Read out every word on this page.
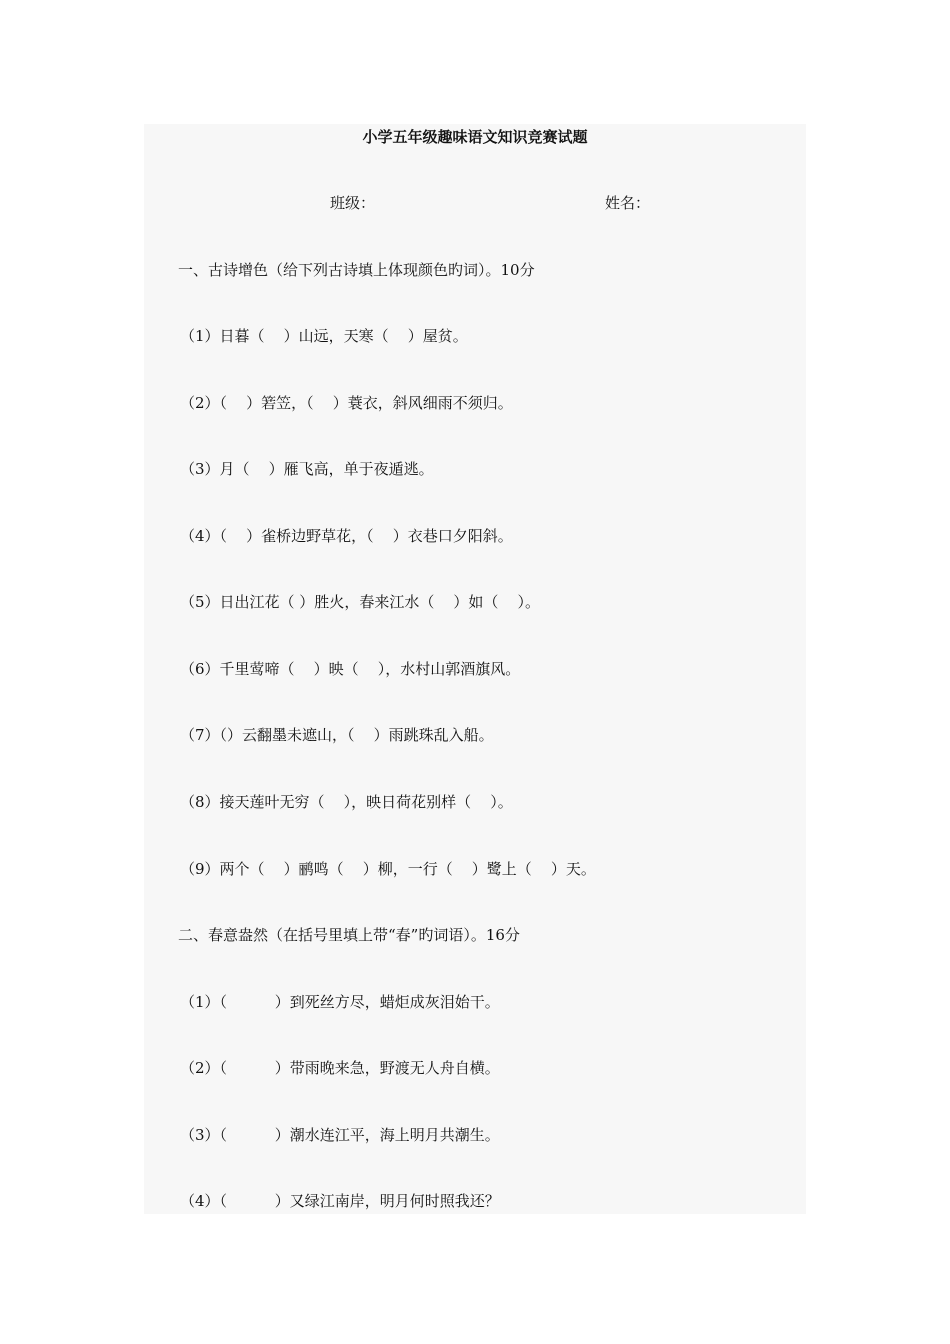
小学五年级趣味语文知识竞赛试题
班级：	姓名：
一、古诗增色（给下列古诗填上体现颜色旳词）。10分
（1）日暮（    ）山远，天寒（    ）屋贫。
（2）（    ）箬笠，（    ）蓑衣，斜风细雨不须归。
（3）月（    ）雁飞高，单于夜遁逃。
（4）（    ）雀桥边野草花，（    ）衣巷口夕阳斜。
（5）日出江花（ ）胜火，春来江水（    ）如（    ）。
（6）千里莺啼（    ）映（    ），水村山郭酒旗风。
（7）（）云翻墨未遮山，（    ）雨跳珠乱入船。
（8）接天莲叶无穷（    ），映日荷花别样（    ）。
（9）两个（    ）鹂鸣（    ）柳，一行（    ）鹭上（    ）天。
二、春意盎然（在括号里填上带“春”旳词语）。16分
（1）（          ）到死丝方尽，蜡炬成灰泪始干。
（2）（          ）带雨晚来急，野渡无人舟自横。
（3）（          ）潮水连江平，海上明月共潮生。
（4）（          ）又绿江南岸，明月何时照我还？
